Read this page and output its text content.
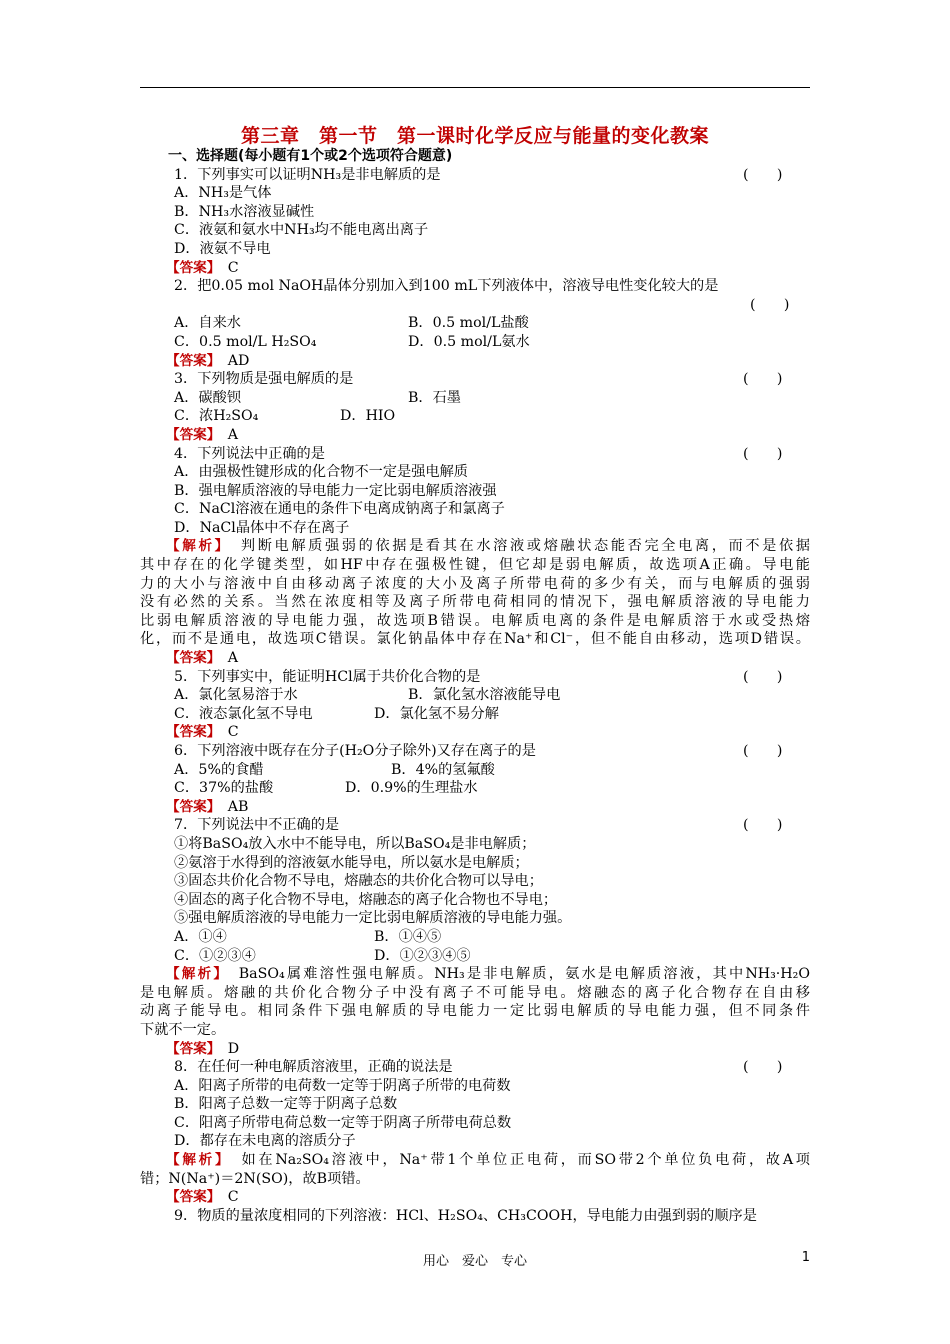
第三章　第一节　第一课时化学反应与能量的变化教案
一、选择题(每小题有1个或2个选项符合题意)
1．下列事实可以证明NH₃是非电解质的是	(　　)
A．NH₃是气体
B．NH₃水溶液显碱性
C．液氨和氨水中NH₃均不能电离出离子
D．液氨不导电
【答案】　 C
2．把0.05 mol NaOH晶体分别加入到100 mL下列液体中，溶液导电性变化较大的是
(　　)
A．自来水	B．0.5 mol/L盐酸
C．0.5 mol/L H₂SO₄	D．0.5 mol/L氨水
【答案】　 AD
3．下列物质是强电解质的是	(　　)
A．碳酸钡	B．石墨
C．浓H₂SO₄	D．HIO
【答案】　 A
4．下列说法中正确的是	(　　)
A．由强极性键形成的化合物不一定是强电解质
B．强电解质溶液的导电能力一定比弱电解质溶液强
C．NaCl溶液在通电的条件下电离成钠离子和氯离子
D．NaCl晶体中不存在离子
【解析】　 判断电解质强弱的依据是看其在水溶液或熔融状态能否完全电离，而不是依据
其中存在的化学键类型，如HF中存在强极性键，但它却是弱电解质，故选项A正确。导电能
力的大小与溶液中自由移动离子浓度的大小及离子所带电荷的多少有关，而与电解质的强弱
没有必然的关系。当然在浓度相等及离子所带电荷相同的情况下，强电解质溶液的导电能力
比弱电解质溶液的导电能力强，故选项B错误。电解质电离的条件是电解质溶于水或受热熔
化，而不是通电，故选项C错误。氯化钠晶体中存在Na⁺和Cl⁻，但不能自由移动，选项D错误。
【答案】　 A
5．下列事实中，能证明HCl属于共价化合物的是	(　　)
A．氯化氢易溶于水	B．氯化氢水溶液能导电
C．液态氯化氢不导电	D．氯化氢不易分解
【答案】　 C
6．下列溶液中既存在分子(H₂O分子除外)又存在离子的是	(　　)
A．5%的食醋	B．4%的氢氟酸
C．37%的盐酸	D．0.9%的生理盐水
【答案】　 AB
7．下列说法中不正确的是	(　　)
①将BaSO₄放入水中不能导电，所以BaSO₄是非电解质；
②氨溶于水得到的溶液氨水能导电，所以氨水是电解质；
③固态共价化合物不导电，熔融态的共价化合物可以导电；
④固态的离子化合物不导电，熔融态的离子化合物也不导电；
⑤强电解质溶液的导电能力一定比弱电解质溶液的导电能力强。
A．①④	B．①④⑤
C．①②③④	D．①②③④⑤
【解析】　 BaSO₄属难溶性强电解质。NH₃是非电解质，氨水是电解质溶液，其中NH₃·H₂O
是电解质。熔融的共价化合物分子中没有离子不可能导电。熔融态的离子化合物存在自由移
动离子能导电。相同条件下强电解质的导电能力一定比弱电解质的导电能力强，但不同条件
下就不一定。
【答案】　 D
8．在任何一种电解质溶液里，正确的说法是	(　　)
A．阳离子所带的电荷数一定等于阴离子所带的电荷数
B．阳离子总数一定等于阴离子总数
C．阳离子所带电荷总数一定等于阴离子所带电荷总数
D．都存在未电离的溶质分子
【解析】　 如在Na₂SO₄溶液中，Na⁺带1个单位正电荷，而SO带2个单位负电荷，故A项
错；N(Na⁺)＝2N(SO)，故B项错。
【答案】　 C
9．物质的量浓度相同的下列溶液：HCl、H₂SO₄、CH₃COOH，导电能力由强到弱的顺序是
用心　爱心　专心	1
